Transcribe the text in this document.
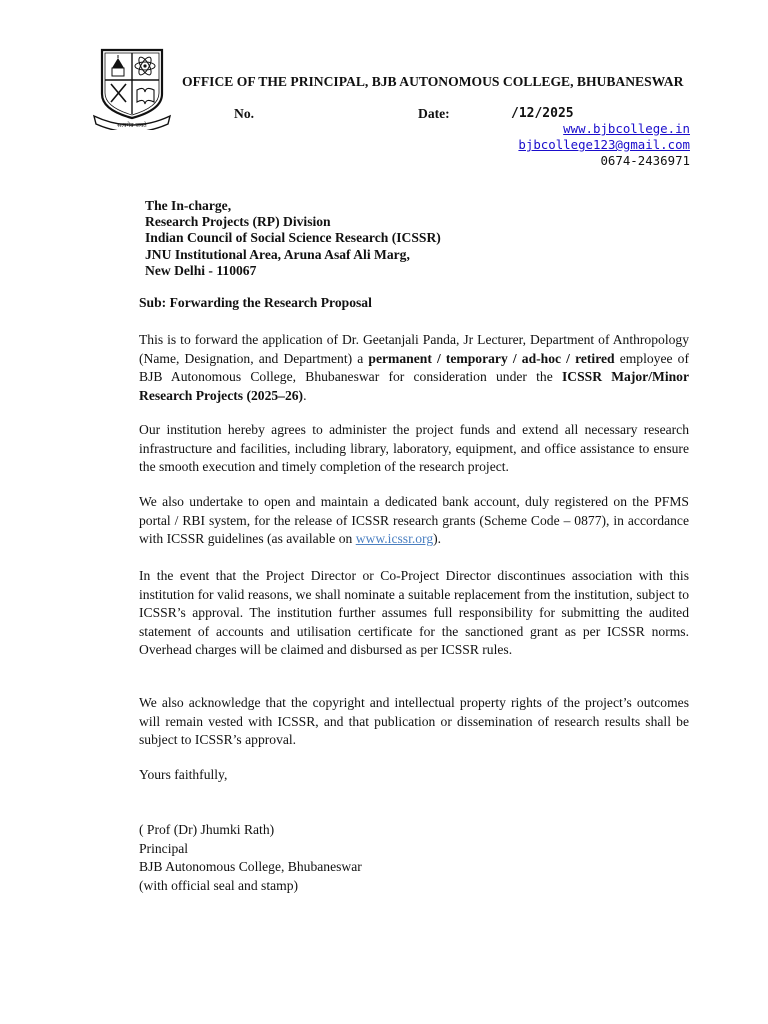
सत्यमेव जयते
OFFICE OF THE PRINCIPAL, BJB AUTONOMOUS COLLEGE, BHUBANESWAR
No.	Date:	/12/2025
www.bjbcollege.in
bjbcollege123@gmail.com
0674-2436971
The In-charge,
Research Projects (RP) Division
Indian Council of Social Science Research (ICSSR)
JNU Institutional Area, Aruna Asaf Ali Marg,
New Delhi - 110067
Sub: Forwarding the Research Proposal
This is to forward the application of Dr. Geetanjali Panda, Jr Lecturer, Department of Anthropology (Name, Designation, and Department) a permanent / temporary / ad-hoc / retired employee of BJB Autonomous College, Bhubaneswar for consideration under the ICSSR Major/Minor Research Projects (2025–26).
Our institution hereby agrees to administer the project funds and extend all necessary research infrastructure and facilities, including library, laboratory, equipment, and office assistance to ensure the smooth execution and timely completion of the research project.
We also undertake to open and maintain a dedicated bank account, duly registered on the PFMS portal / RBI system, for the release of ICSSR research grants (Scheme Code – 0877), in accordance with ICSSR guidelines (as available on www.icssr.org).
In the event that the Project Director or Co-Project Director discontinues association with this institution for valid reasons, we shall nominate a suitable replacement from the institution, subject to ICSSR’s approval. The institution further assumes full responsibility for submitting the audited statement of accounts and utilisation certificate for the sanctioned grant as per ICSSR norms. Overhead charges will be claimed and disbursed as per ICSSR rules.
We also acknowledge that the copyright and intellectual property rights of the project’s outcomes will remain vested with ICSSR, and that publication or dissemination of research results shall be subject to ICSSR’s approval.
Yours faithfully,
( Prof (Dr) Jhumki Rath)
Principal
BJB Autonomous College, Bhubaneswar
(with official seal and stamp)
